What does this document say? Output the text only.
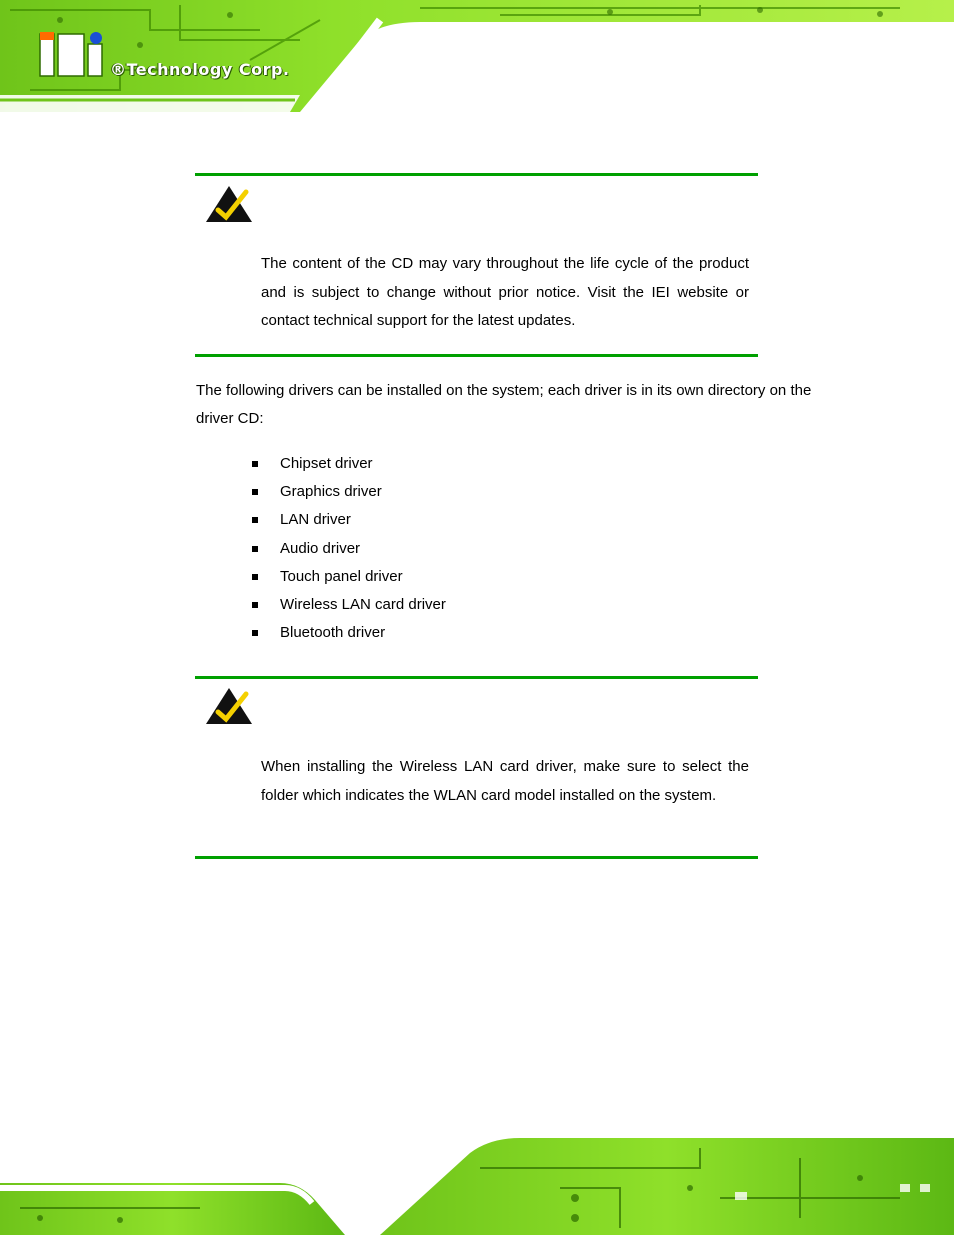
®Technology Corp.

The content of the CD may vary throughout the life cycle of the product and is subject to change without prior notice. Visit the IEI website or contact technical support for the latest updates.

The following drivers can be installed on the system; each driver is in its own directory on the driver CD:

Chipset driver
Graphics driver
LAN driver
Audio driver
Touch panel driver
Wireless LAN card driver
Bluetooth driver

When installing the Wireless LAN card driver, make sure to select the folder which indicates the WLAN card model installed on the system.
